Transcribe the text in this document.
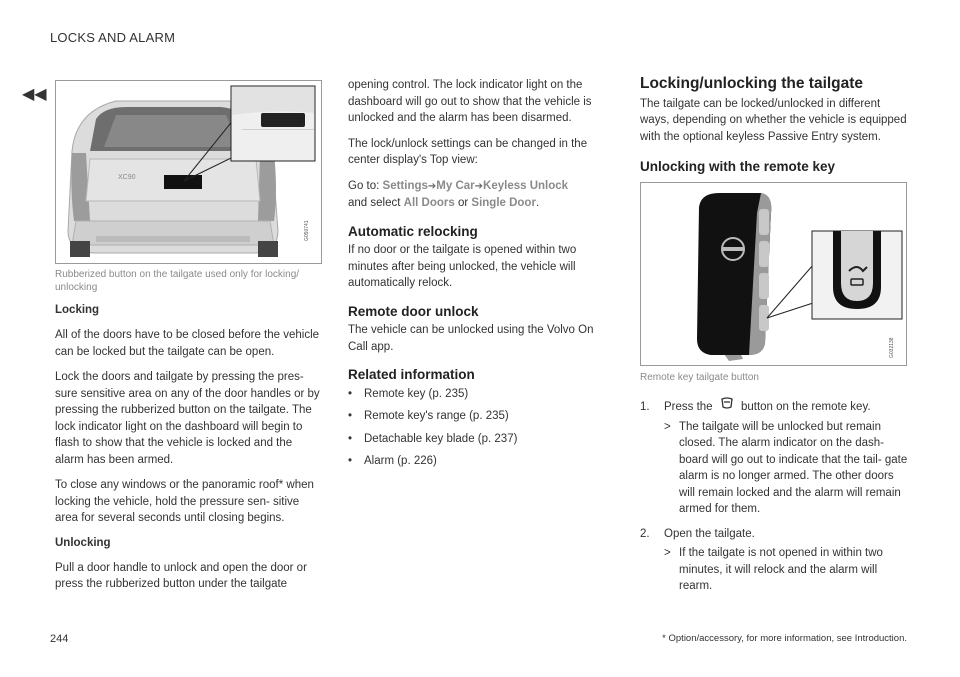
LOCKS AND ALARM
◀◀
XC90
G050741

Rubberized button on the tailgate used only for locking/ unlocking

Locking

All of the doors have to be closed before the vehicle can be locked but the tailgate can be open.

Lock the doors and tailgate by pressing the pres- sure sensitive area on any of the door handles or by pressing the rubberized button on the tailgate. The lock indicator light on the dashboard will begin to flash to show that the vehicle is locked and the alarm has been armed.

To close any windows or the panoramic roof* when locking the vehicle, hold the pressure sen- sitive area for several seconds until closing begins.

Unlocking

Pull a door handle to unlock and open the door or press the rubberized button under the tailgate

opening control. The lock indicator light on the dashboard will go out to show that the vehicle is unlocked and the alarm has been disarmed.

The lock/unlock settings can be changed in the center display's Top view:

Go to: Settings➔My Car➔Keyless Unlock
and select All Doors or Single Door.

Automatic relocking

If no door or the tailgate is opened within two minutes after being unlocked, the vehicle will automatically relock.

Remote door unlock

The vehicle can be unlocked using the Volvo On Call app.

Related information
•	Remote key (p. 235)
•	Remote key's range (p. 235)
•	Detachable key blade (p. 237)
•	Alarm (p. 226)
Locking/unlocking the tailgate

The tailgate can be locked/unlocked in different ways, depending on whether the vehicle is equipped with the optional keyless Passive Entry system.

Unlocking with the remote key
G032138

Remote key tailgate button

1.	Press the button on the remote key.
> The tailgate will be unlocked but remain closed. The alarm indicator on the dash- board will go out to indicate that the tail- gate alarm is no longer armed. The other doors will remain locked and the alarm will remain armed for them.
2.	Open the tailgate.
> If the tailgate is not opened in within two minutes, it will relock and the alarm will rearm.
244	* Option/accessory, for more information, see Introduction.
